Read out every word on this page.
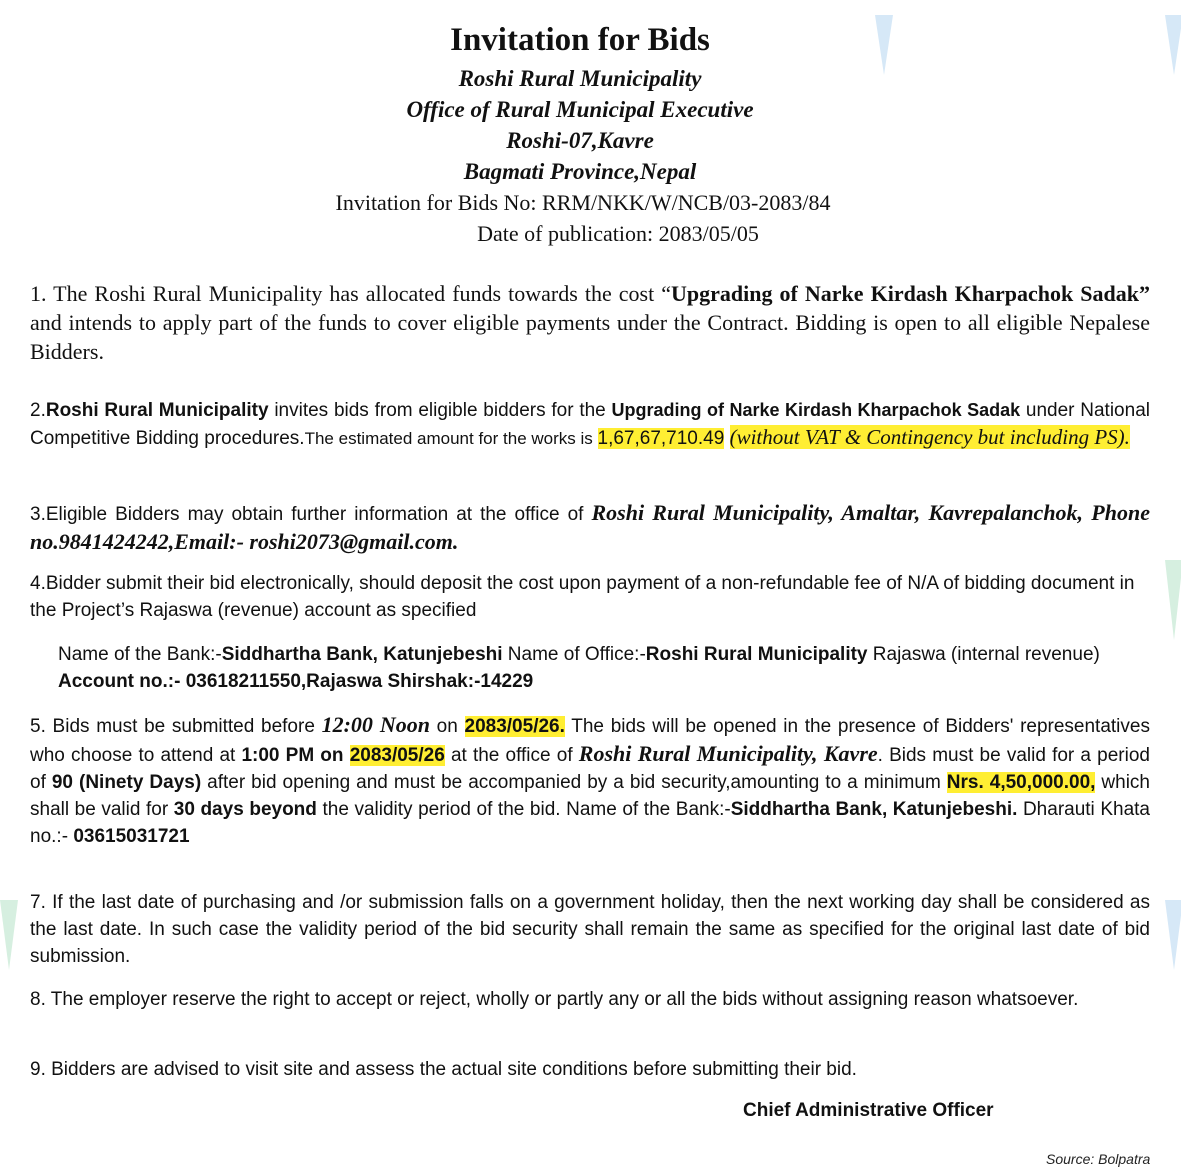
Invitation for Bids
Roshi Rural Municipality
Office of Rural Municipal Executive
Roshi-07,Kavre
Bagmati Province,Nepal
Invitation for Bids No: RRM/NKK/W/NCB/03-2083/84
Date of publication: 2083/05/05
1. The Roshi Rural Municipality has allocated funds towards the cost “Upgrading of Narke Kirdash Kharpachok Sadak” and intends to apply part of the funds to cover eligible payments under the Contract. Bidding is open to all eligible Nepalese Bidders.
2.Roshi Rural Municipality invites bids from eligible bidders for the Upgrading of Narke Kirdash Kharpachok Sadak under National Competitive Bidding procedures.The estimated amount for the works is 1,67,67,710.49 (without VAT & Contingency but including PS).
3.Eligible Bidders may obtain further information at the office of Roshi Rural Municipality, Amaltar, Kavrepalanchok, Phone no.9841424242,Email:- roshi2073@gmail.com.
4.Bidder submit their bid electronically, should deposit the cost upon payment of a non-refundable fee of N/A of bidding document in the Project’s Rajaswa (revenue) account as specified
Name of the Bank:-Siddhartha Bank, Katunjebeshi Name of Office:-Roshi Rural Municipality Rajaswa (internal revenue) Account no.:- 03618211550,Rajaswa Shirshak:-14229
5. Bids must be submitted before 12:00 Noon on 2083/05/26. The bids will be opened in the presence of Bidders' representatives who choose to attend at 1:00 PM on 2083/05/26 at the office of Roshi Rural Municipality, Kavre. Bids must be valid for a period of 90 (Ninety Days) after bid opening and must be accompanied by a bid security,amounting to a minimum Nrs. 4,50,000.00, which shall be valid for 30 days beyond the validity period of the bid. Name of the Bank:-Siddhartha Bank, Katunjebeshi. Dharauti Khata no.:- 03615031721
7. If the last date of purchasing and /or submission falls on a government holiday, then the next working day shall be considered as the last date. In such case the validity period of the bid security shall remain the same as specified for the original last date of bid submission.
8. The employer reserve the right to accept or reject, wholly or partly any or all the bids without assigning reason whatsoever.
9. Bidders are advised to visit site and assess the actual site conditions before submitting their bid.
Chief Administrative Officer
Source: Bolpatra
